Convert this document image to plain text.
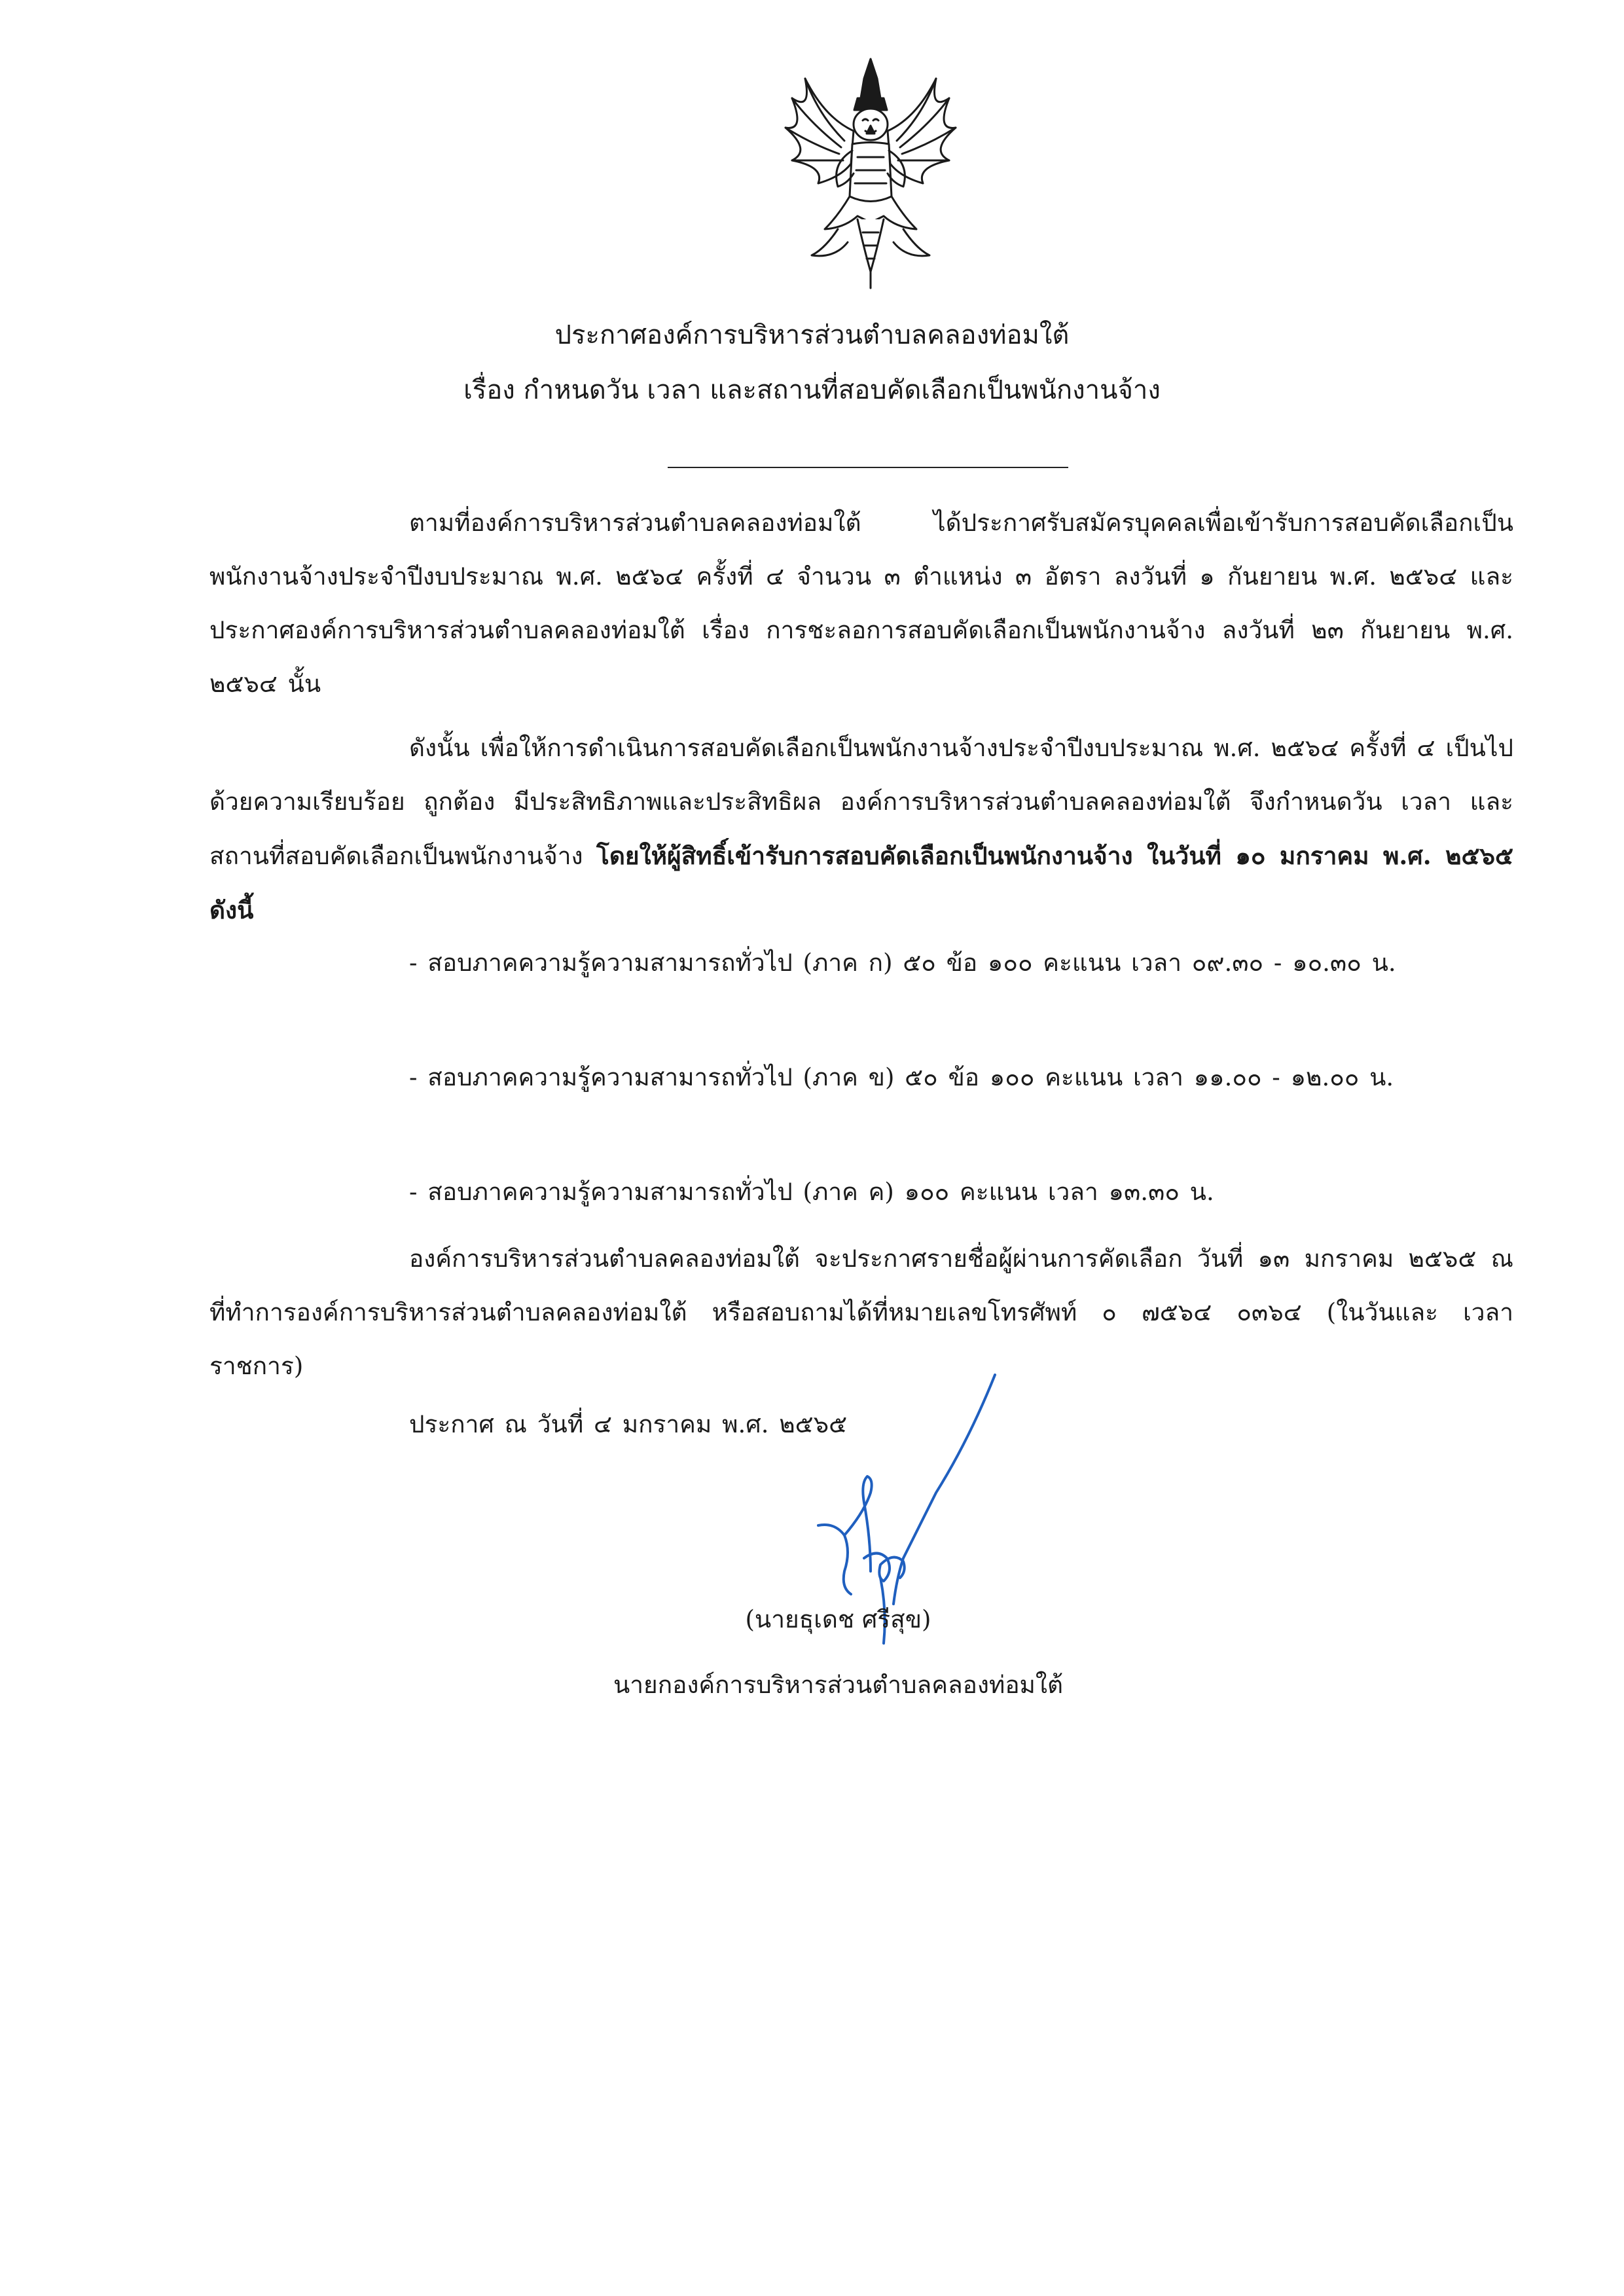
ประกาศองค์การบริหารส่วนตำบลคลองท่อมใต้
เรื่อง กำหนดวัน เวลา และสถานที่สอบคัดเลือกเป็นพนักงานจ้าง
ตามที่องค์การบริหารส่วนตำบลคลองท่อมใต้ ได้ประกาศรับสมัครบุคคลเพื่อเข้ารับการสอบคัดเลือกเป็นพนักงานจ้างประจำปีงบประมาณ พ.ศ. ๒๕๖๔ ครั้งที่ ๔ จำนวน ๓ ตำแหน่ง ๓ อัตรา ลงวันที่ ๑ กันยายน พ.ศ. ๒๕๖๔ และประกาศองค์การบริหารส่วนตำบลคลองท่อมใต้ เรื่อง การชะลอการสอบคัดเลือกเป็นพนักงานจ้าง ลงวันที่ ๒๓ กันยายน พ.ศ. ๒๕๖๔ นั้น
ดังนั้น เพื่อให้การดำเนินการสอบคัดเลือกเป็นพนักงานจ้างประจำปีงบประมาณ พ.ศ. ๒๕๖๔ ครั้งที่ ๔ เป็นไปด้วยความเรียบร้อย ถูกต้อง มีประสิทธิภาพและประสิทธิผล องค์การบริหารส่วนตำบลคลองท่อมใต้ จึงกำหนดวัน เวลา และสถานที่สอบคัดเลือกเป็นพนักงานจ้าง โดยให้ผู้สิทธิ์เข้ารับการสอบคัดเลือกเป็นพนักงานจ้าง ในวันที่ ๑๐ มกราคม พ.ศ. ๒๕๖๕ ดังนี้
- สอบภาคความรู้ความสามารถทั่วไป (ภาค ก) ๕๐ ข้อ ๑๐๐ คะแนน เวลา ๐๙.๓๐ - ๑๐.๓๐ น.
- สอบภาคความรู้ความสามารถทั่วไป (ภาค ข) ๕๐ ข้อ ๑๐๐ คะแนน เวลา ๑๑.๐๐ - ๑๒.๐๐ น.
- สอบภาคความรู้ความสามารถทั่วไป (ภาค ค) ๑๐๐ คะแนน เวลา ๑๓.๓๐ น.
องค์การบริหารส่วนตำบลคลองท่อมใต้ จะประกาศรายชื่อผู้ผ่านการคัดเลือก วันที่ ๑๓ มกราคม ๒๕๖๕ ณ ที่ทำการองค์การบริหารส่วนตำบลคลองท่อมใต้ หรือสอบถามได้ที่หมายเลขโทรศัพท์ ๐ ๗๕๖๔ ๐๓๖๔ (ในวันและ เวลาราชการ)
ประกาศ ณ วันที่ ๔ มกราคม พ.ศ. ๒๕๖๕
(นายธุเดช ศรีสุข)
นายกองค์การบริหารส่วนตำบลคลองท่อมใต้
